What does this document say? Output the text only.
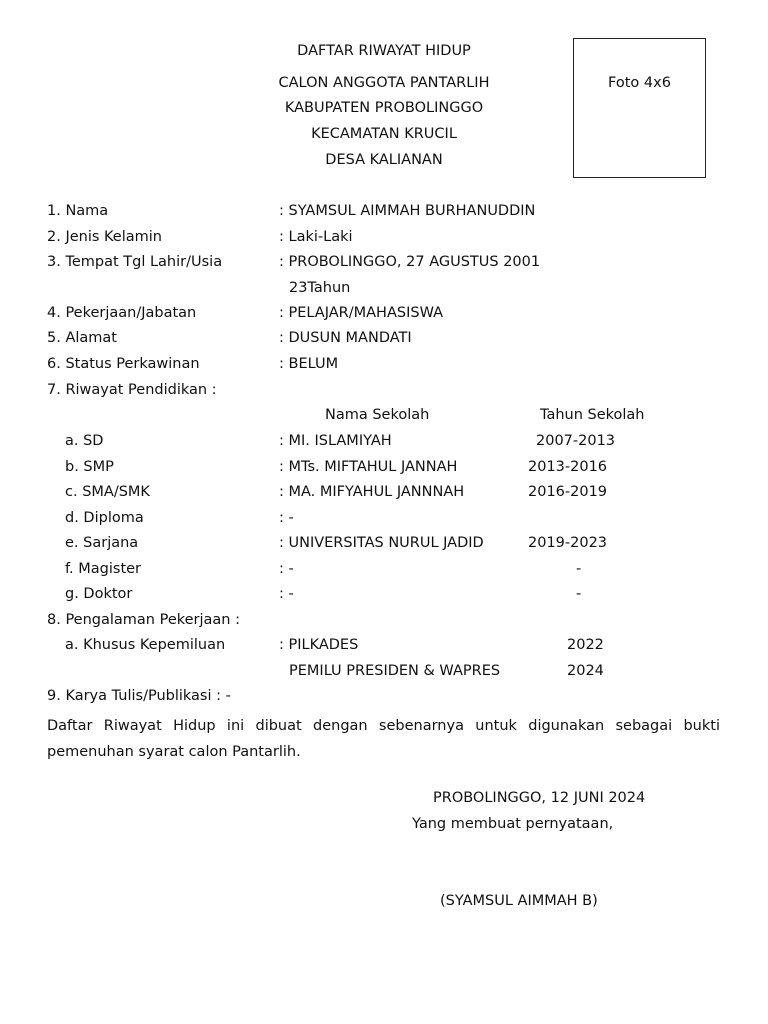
DAFTAR RIWAYAT HIDUP
CALON ANGGOTA PANTARLIH
KABUPATEN PROBOLINGGO
KECAMATAN KRUCIL
DESA KALIANAN
Foto 4x6
1. Nama	: SYAMSUL AIMMAH BURHANUDDIN
2. Jenis Kelamin	: Laki-Laki
3. Tempat Tgl Lahir/Usia	: PROBOLINGGO, 27 AGUSTUS 2001
23Tahun
4. Pekerjaan/Jabatan	: PELAJAR/MAHASISWA
5. Alamat	: DUSUN MANDATI
6. Status Perkawinan	: BELUM
7. Riwayat Pendidikan :
Nama Sekolah	Tahun Sekolah
a. SD	: MI. ISLAMIYAH	2007-2013
b. SMP	: MTs. MIFTAHUL JANNAH	2013-2016
c. SMA/SMK	: MA. MIFYAHUL JANNNAH	2016-2019
d. Diploma	: -
e. Sarjana	: UNIVERSITAS NURUL JADID	2019-2023
f. Magister	: -	-
g. Doktor	: -	-
8. Pengalaman Pekerjaan :
a. Khusus Kepemiluan	: PILKADES	2022
PEMILU PRESIDEN & WAPRES	2024
9. Karya Tulis/Publikasi : -
Daftar Riwayat Hidup ini dibuat dengan sebenarnya untuk digunakan sebagai bukti pemenuhan syarat calon Pantarlih.
PROBOLINGGO, 12 JUNI 2024
Yang membuat pernyataan,
(SYAMSUL AIMMAH B)
